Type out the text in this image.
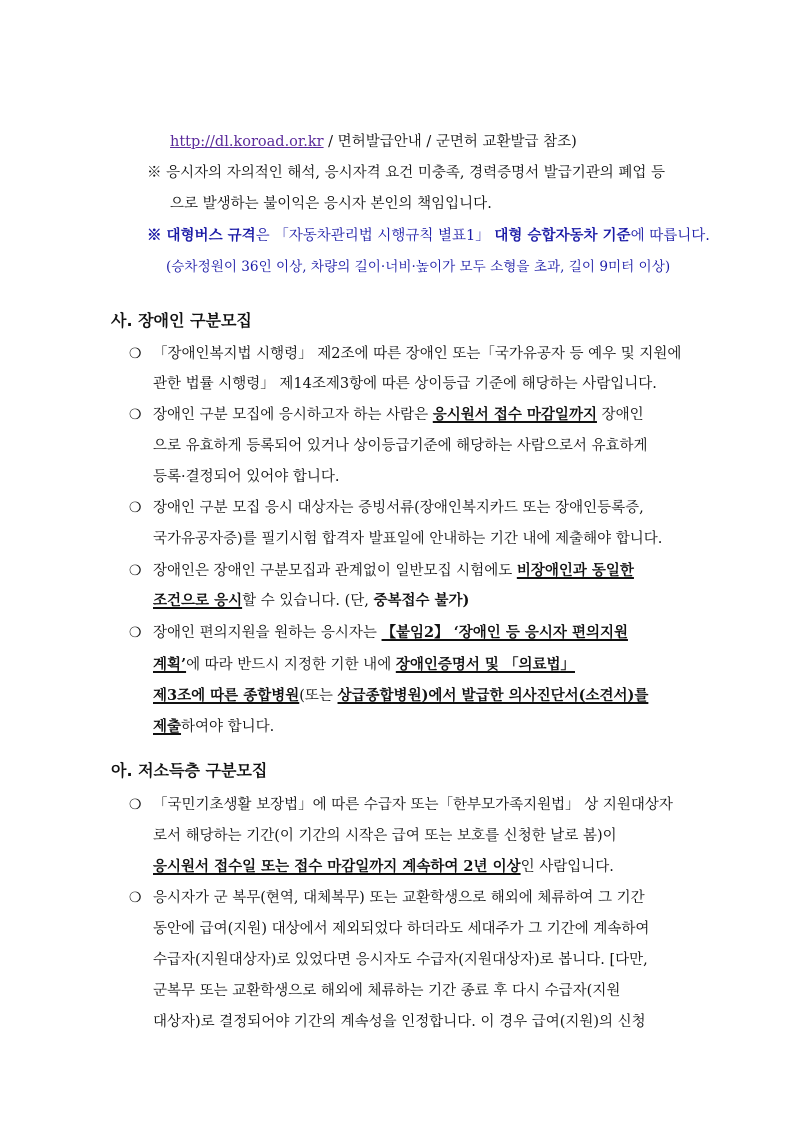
http://dl.koroad.or.kr / 면허발급안내 / 군면허 교환발급 참조)
※ 응시자의 자의적인 해석, 응시자격 요건 미충족, 경력증명서 발급기관의 폐업 등
으로 발생하는 불이익은 응시자 본인의 책임입니다.
※ 대형버스 규격은 「자동차관리법 시행규칙 별표1」 대형 승합자동차 기준에 따릅니다.
(승차정원이 36인 이상, 차량의 길이·너비·높이가 모두 소형을 초과, 길이 9미터 이상)
사. 장애인 구분모집
❍ 「장애인복지법 시행령」 제2조에 따른 장애인 또는「국가유공자 등 예우 및 지원에
관한 법률 시행령」 제14조제3항에 따른 상이등급 기준에 해당하는 사람입니다.
❍ 장애인 구분 모집에 응시하고자 하는 사람은 응시원서 접수 마감일까지 장애인
으로 유효하게 등록되어 있거나 상이등급기준에 해당하는 사람으로서 유효하게
등록·결정되어 있어야 합니다.
❍ 장애인 구분 모집 응시 대상자는 증빙서류(장애인복지카드 또는 장애인등록증,
국가유공자증)를 필기시험 합격자 발표일에 안내하는 기간 내에 제출해야 합니다.
❍ 장애인은 장애인 구분모집과 관계없이 일반모집 시험에도 비장애인과 동일한
조건으로 응시할 수 있습니다. (단, 중복접수 불가)
❍ 장애인 편의지원을 원하는 응시자는 【붙임2】 ‘장애인 등 응시자 편의지원
계획’에 따라 반드시 지정한 기한 내에 장애인증명서 및 「의료법」
제3조에 따른 종합병원(또는 상급종합병원)에서 발급한 의사진단서(소견서)를
제출하여야 합니다.
아. 저소득층 구분모집
❍ 「국민기초생활 보장법」에 따른 수급자 또는「한부모가족지원법」 상 지원대상자
로서 해당하는 기간(이 기간의 시작은 급여 또는 보호를 신청한 날로 봄)이
응시원서 접수일 또는 접수 마감일까지 계속하여 2년 이상인 사람입니다.
❍ 응시자가 군 복무(현역, 대체복무) 또는 교환학생으로 해외에 체류하여 그 기간
동안에 급여(지원) 대상에서 제외되었다 하더라도 세대주가 그 기간에 계속하여
수급자(지원대상자)로 있었다면 응시자도 수급자(지원대상자)로 봅니다. [다만,
군복무 또는 교환학생으로 해외에 체류하는 기간 종료 후 다시 수급자(지원
대상자)로 결정되어야 기간의 계속성을 인정합니다. 이 경우 급여(지원)의 신청
